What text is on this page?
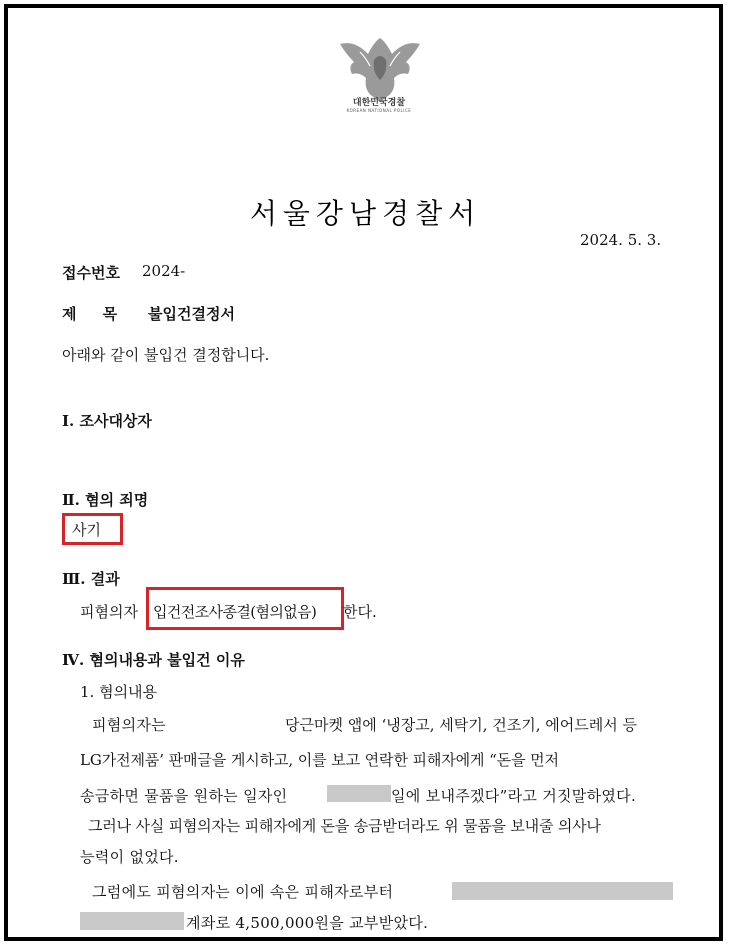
대한민국경찰
KOREAN NATIONAL POLICE
서울강남경찰서
2024. 5. 3.
접수번호 2024-
제     목 불입건결정서
아래와 같이 불입건 결정합니다.
Ⅰ. 조사대상자
Ⅱ. 혐의 죄명
사기
Ⅲ. 결과
피혐의자 입건전조사종결(혐의없음) 한다.
Ⅳ. 혐의내용과 불입건 이유
1. 혐의내용
피혐의자는	당근마켓 앱에 ‘냉장고, 세탁기, 건조기, 에어드레서 등
LG가전제품’ 판매글을 게시하고, 이를 보고 연락한 피해자에게 “돈을 먼저
송금하면 물품을 원하는 일자인	일에 보내주겠다”라고 거짓말하였다.
그러나 사실 피혐의자는 피해자에게 돈을 송금받더라도 위 물품을 보내줄 의사나
능력이 없었다.
그럼에도 피혐의자는 이에 속은 피해자로부터
계좌로 4,500,000원을 교부받았다.
